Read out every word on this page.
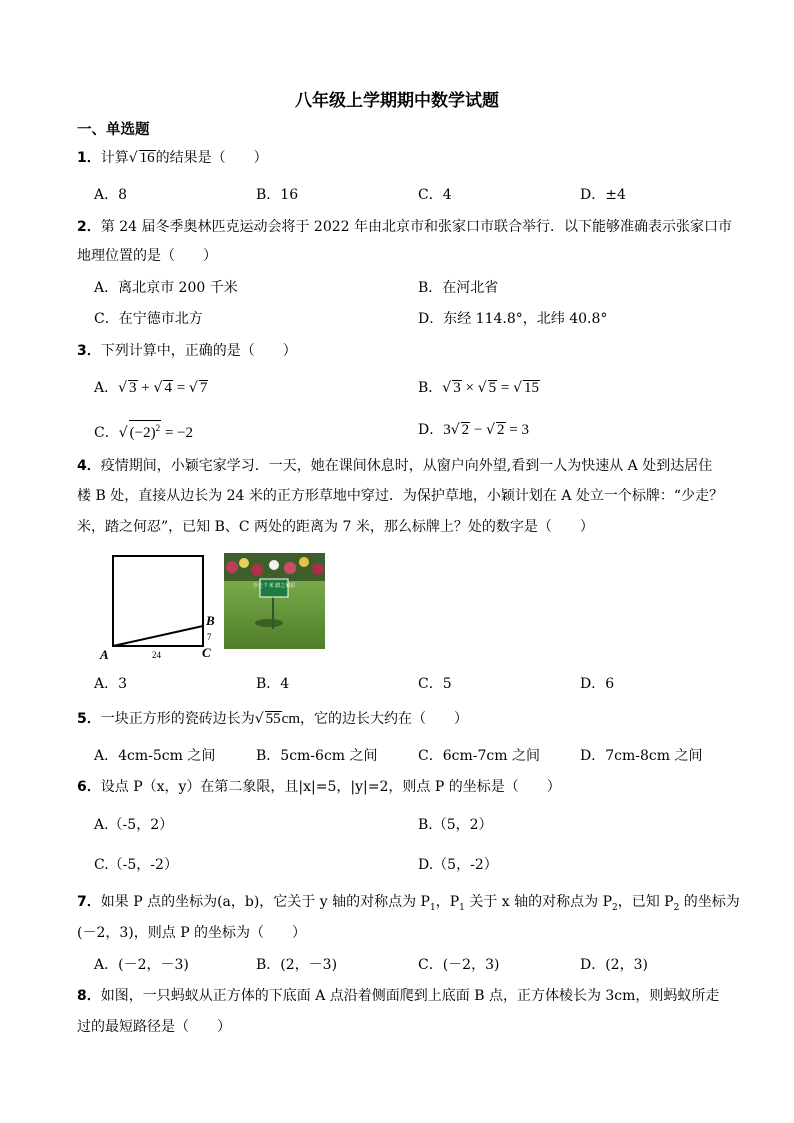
八年级上学期期中数学试题
一、单选题
1．计算√ 16的结果是（　　）
A．8	B．16	C．4	D．±4
2．第 24 届冬季奥林匹克运动会将于 2022 年由北京市和张家口市联合举行．以下能够准确表示张家口市
地理位置的是（　　）
A．离北京市 200 千米	B．在河北省
C．在宁德市北方	D．东经 114.8°，北纬 40.8°
3．下列计算中，正确的是（　　）
A．√ 3 + √ 4 = √ 7	B．√ 3 × √ 5 = √ 15
C．√ $(-2)^2 = -2$	D．3√ 2 − √ 2 = 3
4．疫情期间，小颖宅家学习．一天，她在课间休息时，从窗户向外望,看到一人为快速从 A 处到达居住
楼 B 处，直接从边长为 24 米的正方形草地中穿过．为保护草地，小颖计划在 A 处立一个标牌：“少走？
米，踏之何忍”，已知 B、C 两处的距离为 7 米，那么标牌上？处的数字是（　　）
A
B
C
24
7
少走 ? 米 踏之何忍
A．3	B．4	C．5	D．6
5．一块正方形的瓷砖边长为√ 55cm，它的边长大约在（　　）
A．4cm-5cm 之间	B．5cm-6cm 之间	C．6cm-7cm 之间	D．7cm-8cm 之间
6．设点 P（x，y）在第二象限，且|x|=5，|y|=2，则点 P 的坐标是（　　）
A.（-5，2）	B.（5，2）
C.（-5，-2）	D.（5，-2）
7．如果 P 点的坐标为(a，b)，它关于 y 轴的对称点为 $P_1$，$P_1$ 关于 x 轴的对称点为 $P_2$，已知 $P_2$ 的坐标为
(－2，3)，则点 P 的坐标为（　　）
A．(－2，－3)	B．(2，－3)	C．(－2，3)	D．(2，3)
8．如图，一只蚂蚁从正方体的下底面 A 点沿着侧面爬到上底面 B 点，正方体棱长为 3cm，则蚂蚁所走
过的最短路径是（　　）
